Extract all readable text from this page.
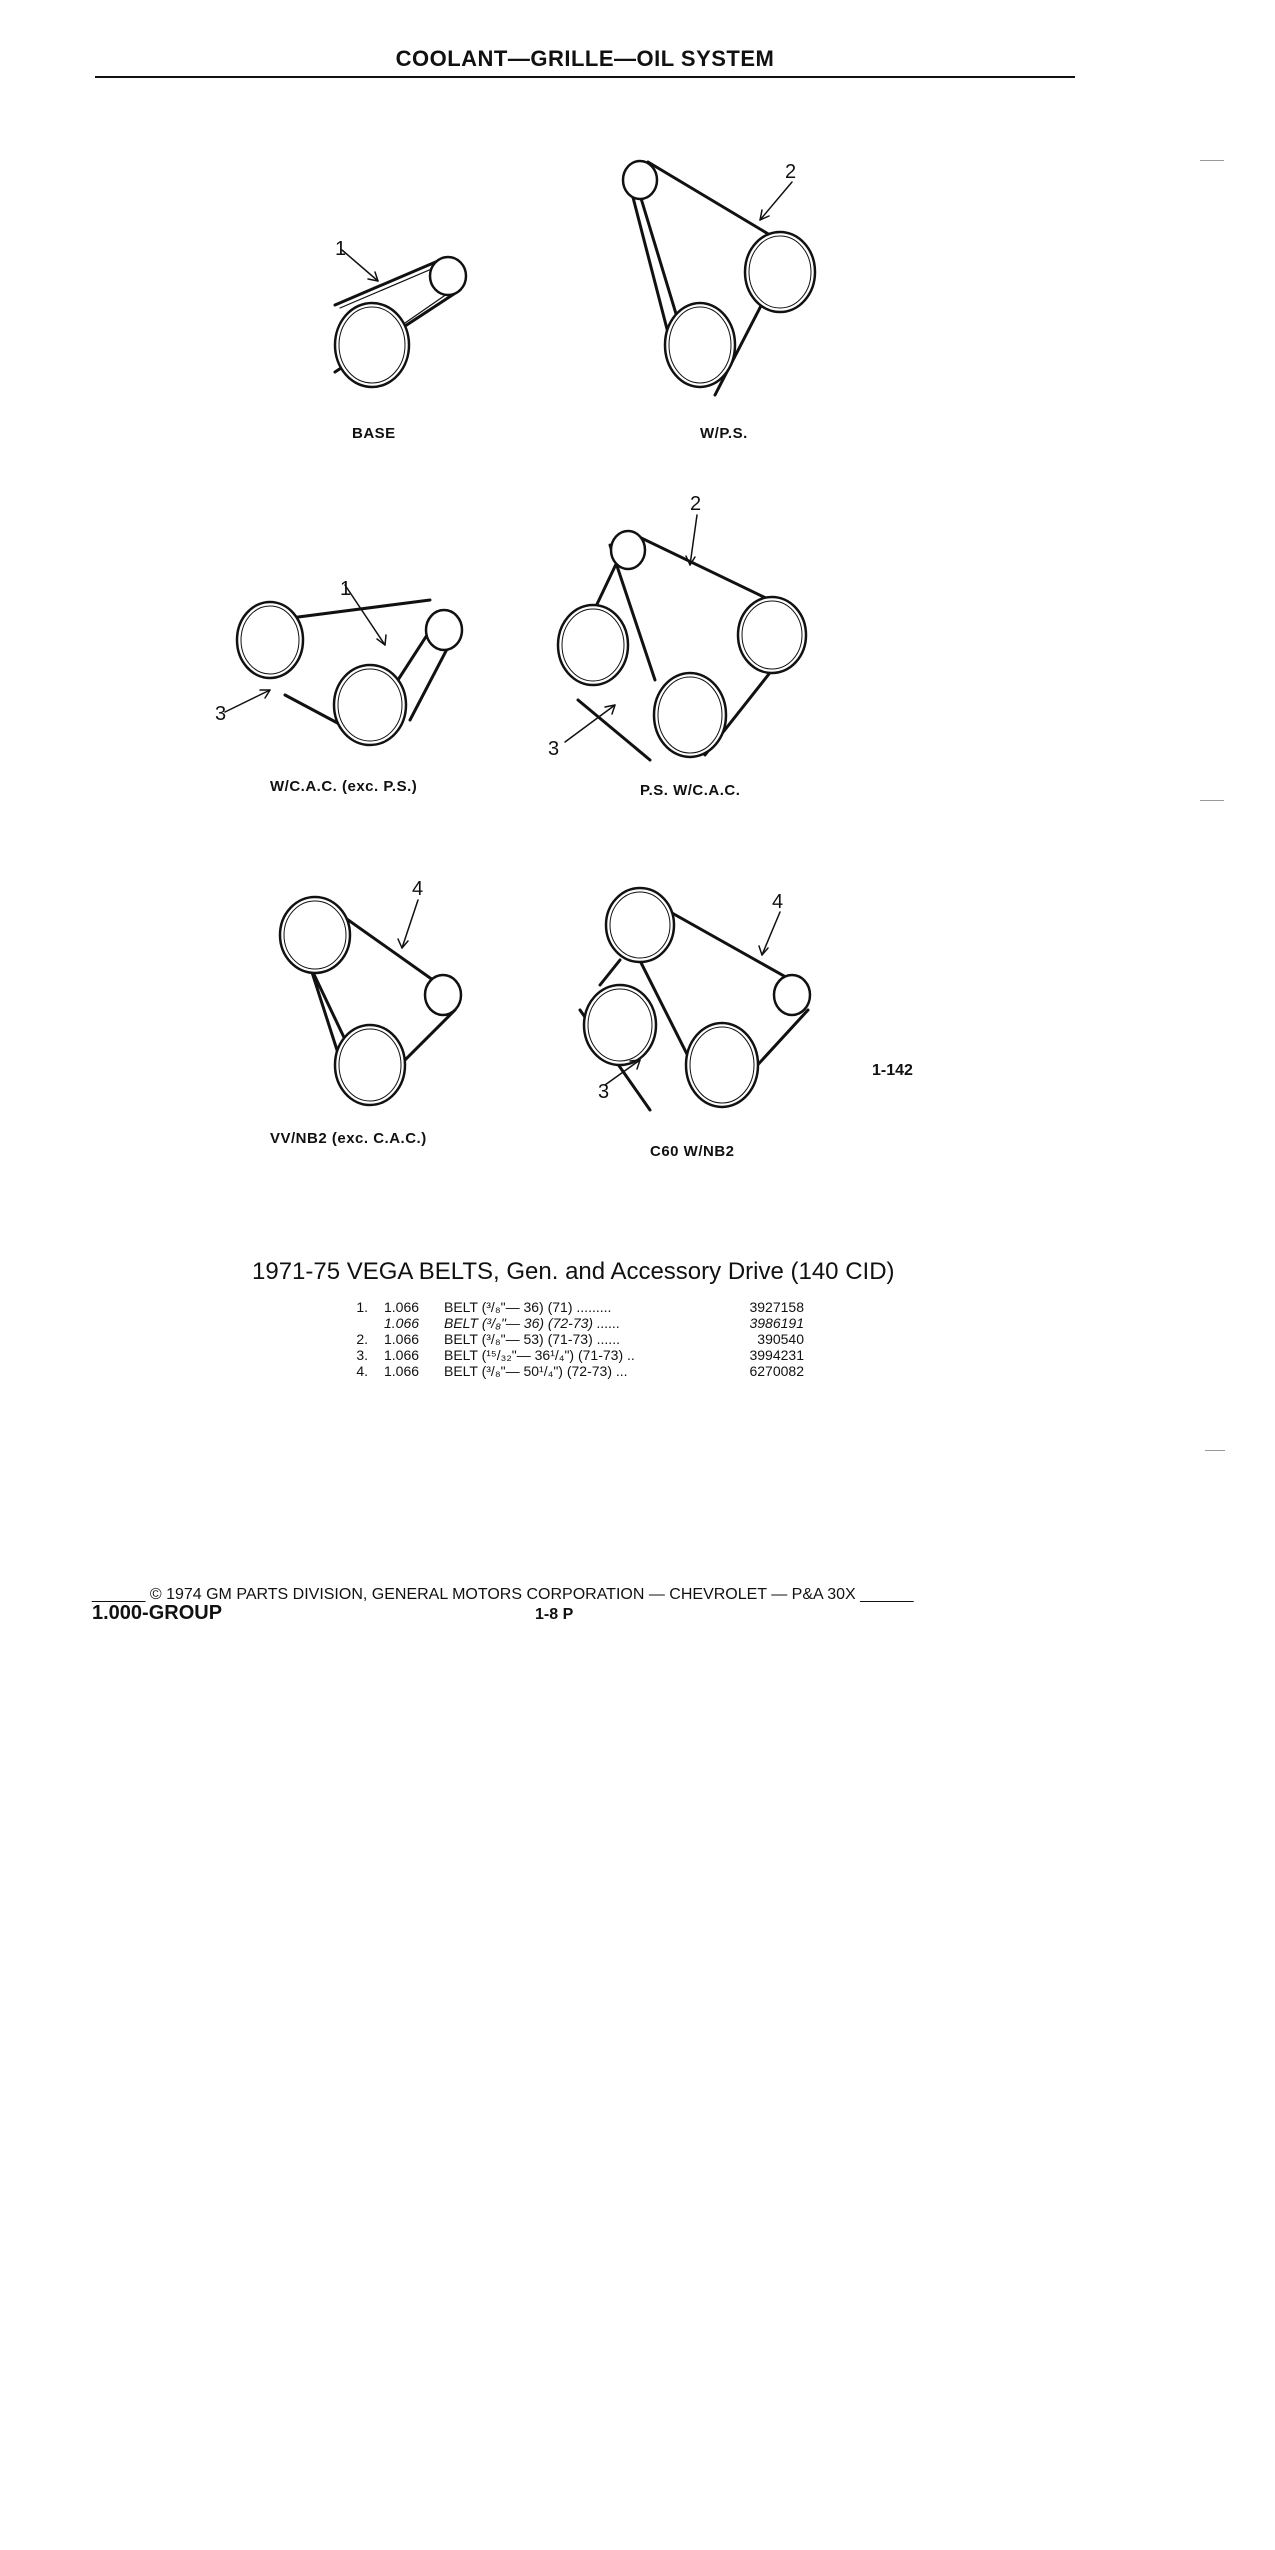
COOLANT—GRILLE—OIL SYSTEM
1
2
1
3
2
3
4
4
3
BASE	W/P.S.
W/C.A.C. (exc. P.S.)	P.S. W/C.A.C.
VV/NB2 (exc. C.A.C.)
C60 W/NB2
1-142
1971-75 VEGA BELTS, Gen. and Accessory Drive (140 CID)
1.	1.066	BELT (³/₈"— 36) (71) .........	3927158
	1.066	BELT (³/₈"— 36) (72-73) ......	3986191
2.	1.066	BELT (³/₈"— 53) (71-73) ......	390540
3.	1.066	BELT (¹⁵/₃₂"— 36¹/₄") (71-73) ..	3994231
4.	1.066	BELT (³/₈"— 50¹/₄") (72-73) ...	6270082
______ © 1974 GM PARTS DIVISION, GENERAL MOTORS CORPORATION — CHEVROLET — P&A 30X ______
1.000-GROUP	1-8 P
